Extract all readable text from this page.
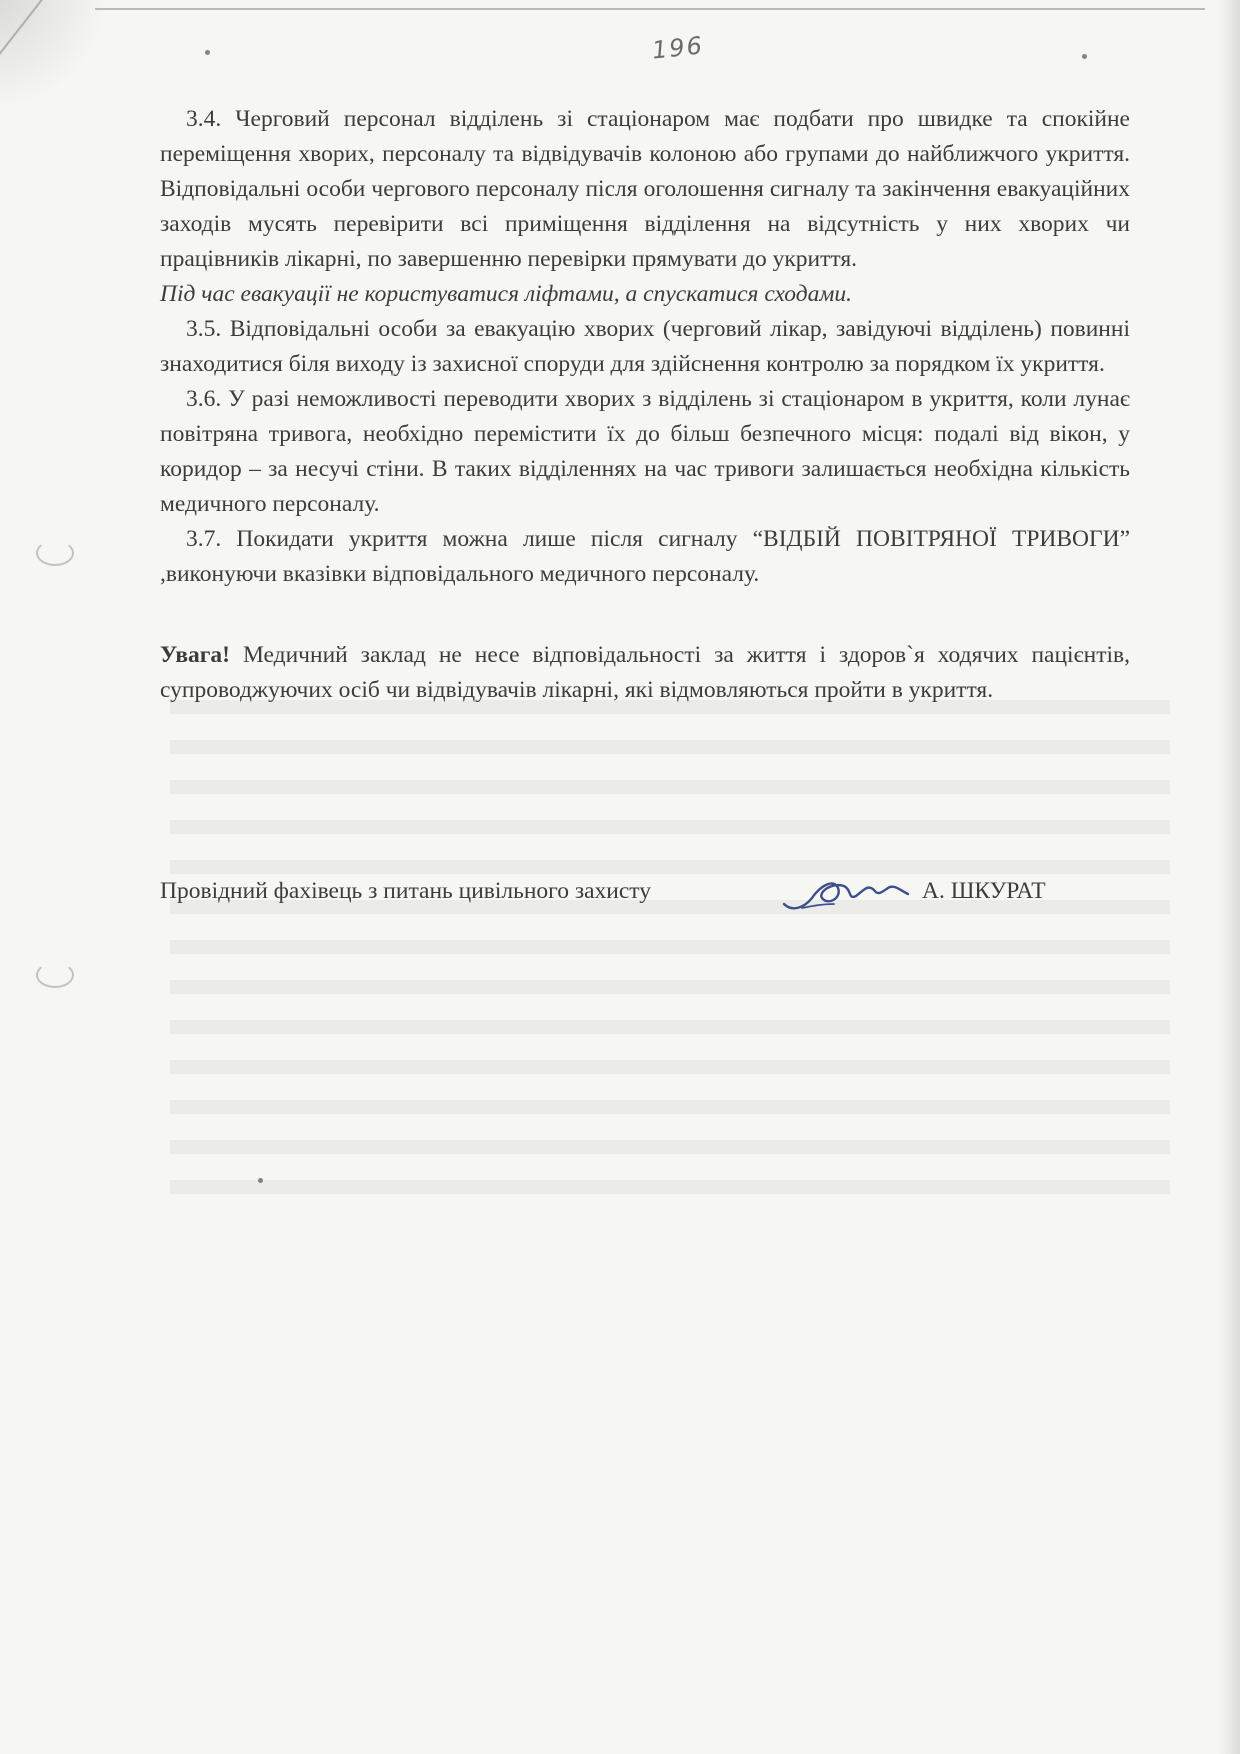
196

3.4. Черговий персонал відділень зі стаціонаром має подбати про швидке та спокійне переміщення хворих, персоналу та відвідувачів колоною або групами до найближчого укриття. Відповідальні особи чергового персоналу після оголошення сигналу та закінчення евакуаційних заходів мусять перевірити всі приміщення відділення на відсутність у них хворих чи працівників лікарні, по завершенню перевірки прямувати до укриття.

Під час евакуації не користуватися ліфтами, а спускатися сходами.

3.5. Відповідальні особи за евакуацію хворих (черговий лікар, завідуючі відділень) повинні знаходитися біля виходу із захисної споруди для здійснення контролю за порядком їх укриття.

3.6. У разі неможливості переводити хворих з відділень зі стаціонаром в укриття, коли лунає повітряна тривога, необхідно перемістити їх до більш безпечного місця: подалі від вікон, у коридор – за несучі стіни. В таких відділеннях на час тривоги залишається необхідна кількість медичного персоналу.

3.7. Покидати укриття можна лише після сигналу “ВІДБІЙ ПОВІТРЯНОЇ ТРИВОГИ” ,виконуючи вказівки відповідального медичного персоналу.

Увага! Медичний заклад не несе відповідальності за життя і здоров`я ходячих пацієнтів, супроводжуючих осіб чи відвідувачів лікарні, які відмовляються пройти в укриття.

Провідний фахівець з питань цивільного захисту	А. ШКУРАТ
